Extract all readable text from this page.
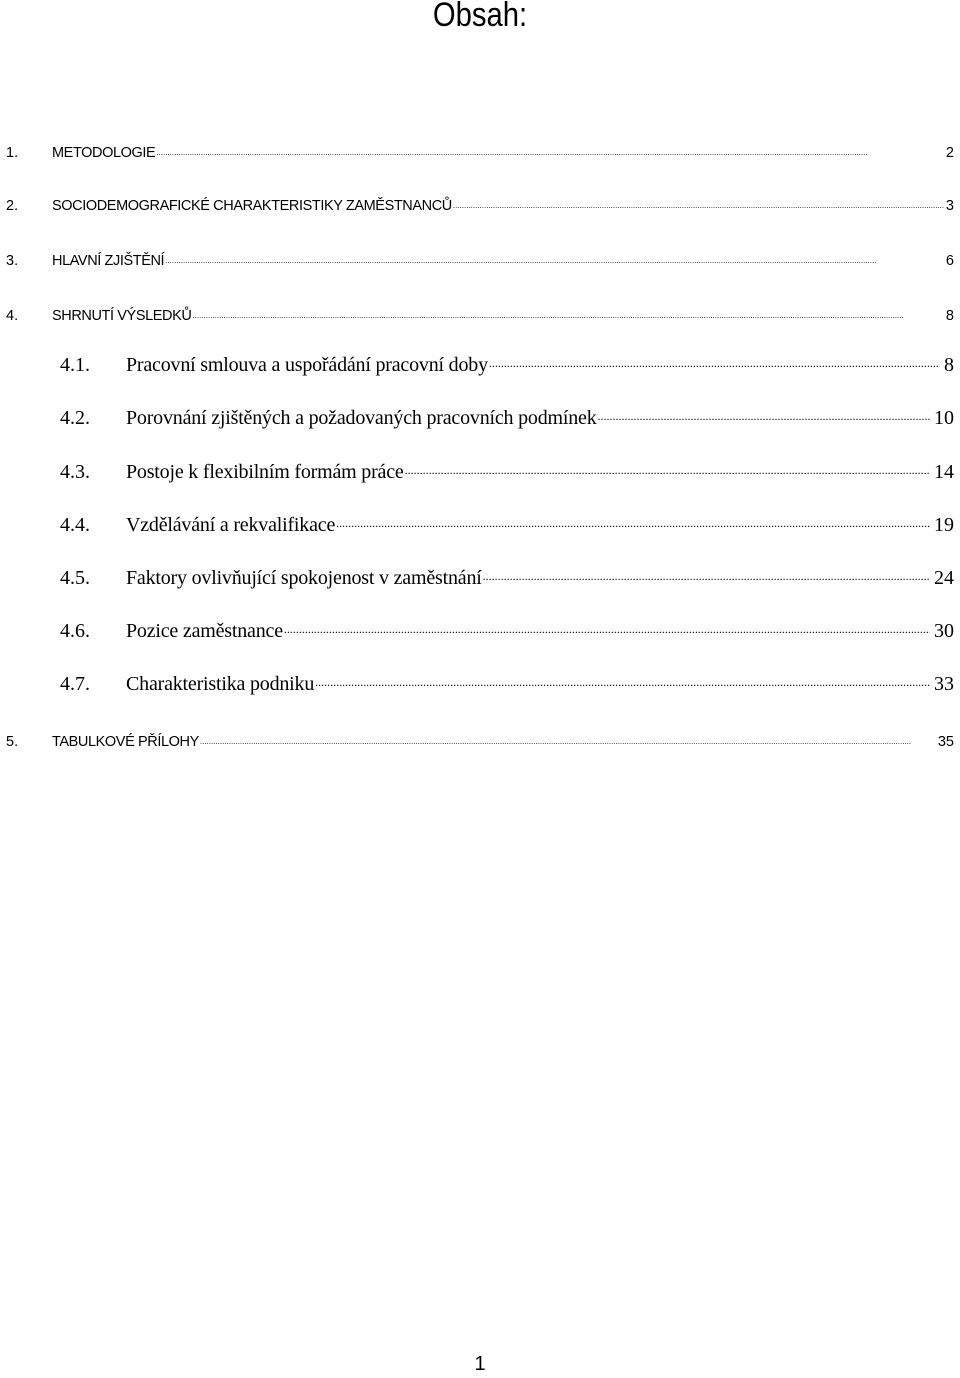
Obsah:
1.	METODOLOGIE .....	2
2.	SOCIODEMOGRAFICKÉ CHARAKTERISTIKY ZAMĚSTNANCŮ .....	3
3.	HLAVNÍ ZJIŠTĚNÍ .....	6
4.	SHRNUTÍ VÝSLEDKŮ .....	8
4.1.	Pracovní smlouva a uspořádání pracovní doby .....	8
4.2.	Porovnání zjištěných a požadovaných pracovních podmínek .....	10
4.3.	Postoje k flexibilním formám práce .....	14
4.4.	Vzdělávání a rekvalifikace .....	19
4.5.	Faktory ovlivňující spokojenost v zaměstnání .....	24
4.6.	Pozice zaměstnance .....	30
4.7.	Charakteristika podniku .....	33
5.	TABULKOVÉ PŘÍLOHY .....	35
1
